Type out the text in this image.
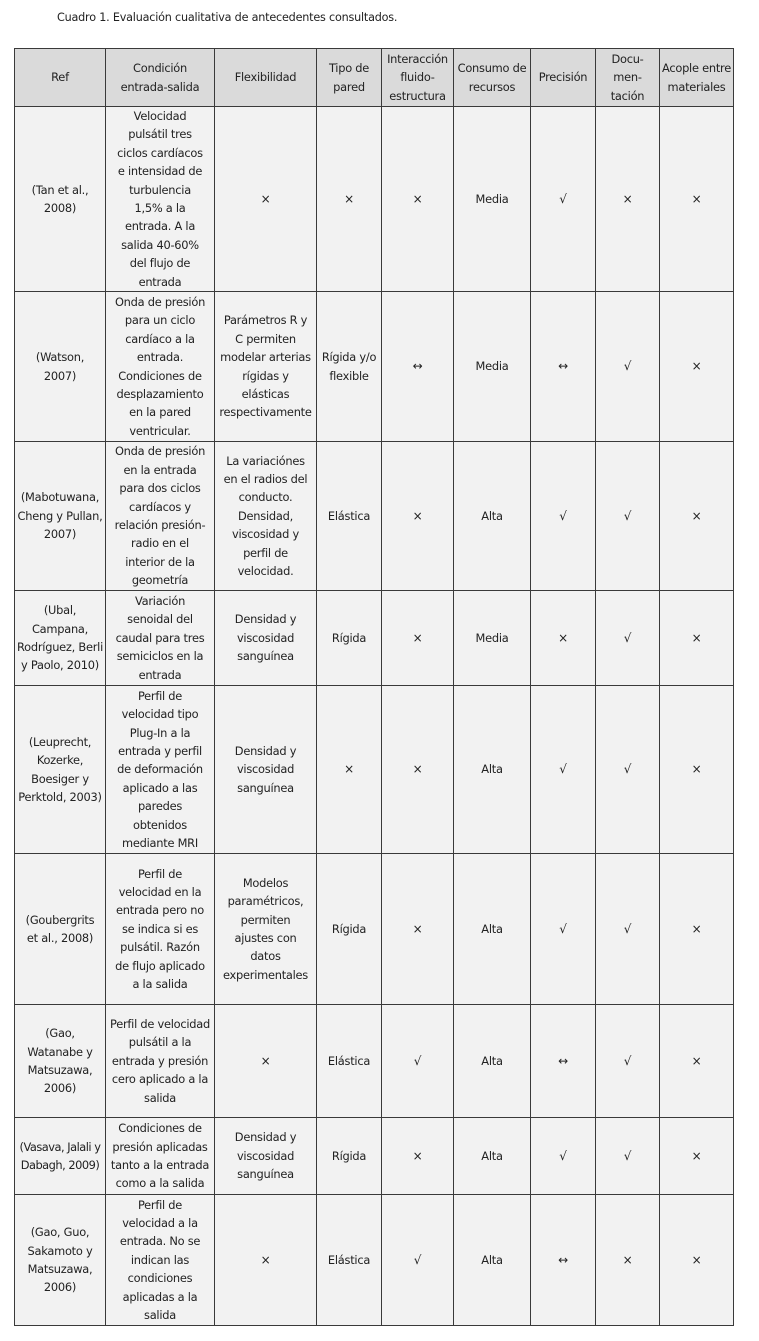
Cuadro 1. Evaluación cualitativa de antecedentes consultados.
Ref	Condición entrada-salida	Flexibilidad	Tipo de pared	Interacción fluido-estructura	Consumo de recursos	Precisión	Docu-men-tación	Acople entre materiales
(Tan et al., 2008)	Velocidad pulsátil tres ciclos cardíacos e intensidad de turbulencia 1,5% a la entrada. A la salida 40-60% del flujo de entrada	×	×	×	Media	√	×	×
(Watson, 2007)	Onda de presión para un ciclo cardíaco a la entrada. Condiciones de desplazamiento en la pared ventricular.	Parámetros R y C permiten modelar arterias rígidas y elásticas respectivamente	Rígida y/o flexible	↔	Media	↔	√	×
(Mabotuwana, Cheng y Pullan, 2007)	Onda de presión en la entrada para dos ciclos cardíacos y relación presión-radio en el interior de la geometría	La variaciónes en el radios del conducto. Densidad, viscosidad y perfil de velocidad.	Elástica	×	Alta	√	√	×
(Ubal, Campana, Rodríguez, Berli y Paolo, 2010)	Variación senoidal del caudal para tres semiciclos en la entrada	Densidad y viscosidad sanguínea	Rígida	×	Media	×	√	×
(Leuprecht, Kozerke, Boesiger y Perktold, 2003)	Perfil de velocidad tipo Plug-In a la entrada y perfil de deformación aplicado a las paredes obtenidos mediante MRI	Densidad y viscosidad sanguínea	×	×	Alta	√	√	×
(Goubergrits et al., 2008)	Perfil de velocidad en la entrada pero no se indica si es pulsátil. Razón de flujo aplicado a la salida	Modelos paramétricos, permiten ajustes con datos experimentales	Rígida	×	Alta	√	√	×
(Gao, Watanabe y Matsuzawa, 2006)	Perfil de velocidad pulsátil a la entrada y presión cero aplicado a la salida	×	Elástica	√	Alta	↔	√	×
(Vasava, Jalali y Dabagh, 2009)	Condiciones de presión aplicadas tanto a la entrada como a la salida	Densidad y viscosidad sanguínea	Rígida	×	Alta	√	√	×
(Gao, Guo, Sakamoto y Matsuzawa, 2006)	Perfil de velocidad a la entrada. No se indican las condiciones aplicadas a la salida	×	Elástica	√	Alta	↔	×	×
